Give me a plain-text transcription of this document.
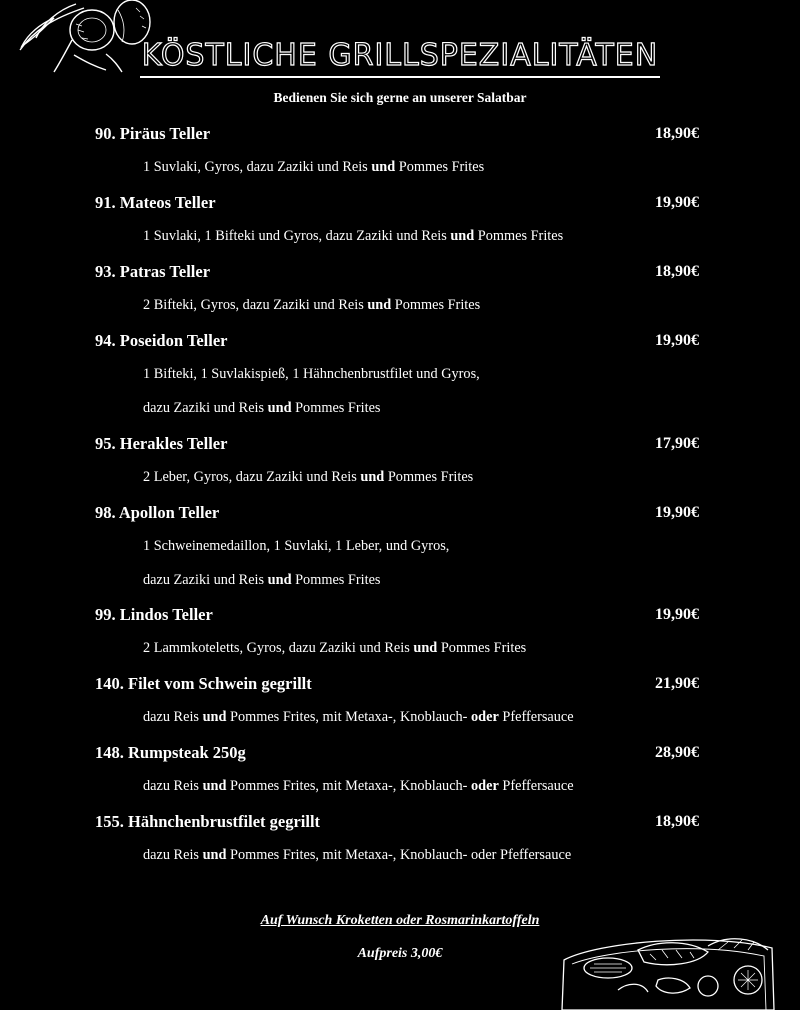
KÖSTLICHE GRILLSPEZIALITÄTEN
Bedienen Sie sich gerne an unserer Salatbar
90. Piräus Teller	18,90€
1 Suvlaki, Gyros, dazu Zaziki und Reis und Pommes Frites
91. Mateos Teller	19,90€
1 Suvlaki, 1 Bifteki und Gyros, dazu Zaziki und Reis und Pommes Frites
93. Patras Teller	18,90€
2 Bifteki, Gyros, dazu Zaziki und Reis und Pommes Frites
94. Poseidon Teller	19,90€
1 Bifteki, 1 Suvlakispieß, 1 Hähnchenbrustfilet und Gyros,
dazu Zaziki und Reis und Pommes Frites
95. Herakles Teller	17,90€
2 Leber, Gyros, dazu Zaziki und Reis und Pommes Frites
98. Apollon Teller	19,90€
1 Schweinemedaillon, 1 Suvlaki, 1 Leber, und Gyros,
dazu Zaziki und Reis und Pommes Frites
99. Lindos Teller	19,90€
2 Lammkoteletts, Gyros, dazu Zaziki und Reis und Pommes Frites
140. Filet vom Schwein gegrillt	21,90€
dazu Reis und Pommes Frites, mit Metaxa-, Knoblauch- oder Pfeffersauce
148. Rumpsteak 250g	28,90€
dazu Reis und Pommes Frites, mit Metaxa-, Knoblauch- oder Pfeffersauce
155. Hähnchenbrustfilet gegrillt	18,90€
dazu Reis und Pommes Frites, mit Metaxa-, Knoblauch- oder Pfeffersauce
Auf Wunsch Kroketten oder Rosmarinkartoffeln
Aufpreis 3,00€
